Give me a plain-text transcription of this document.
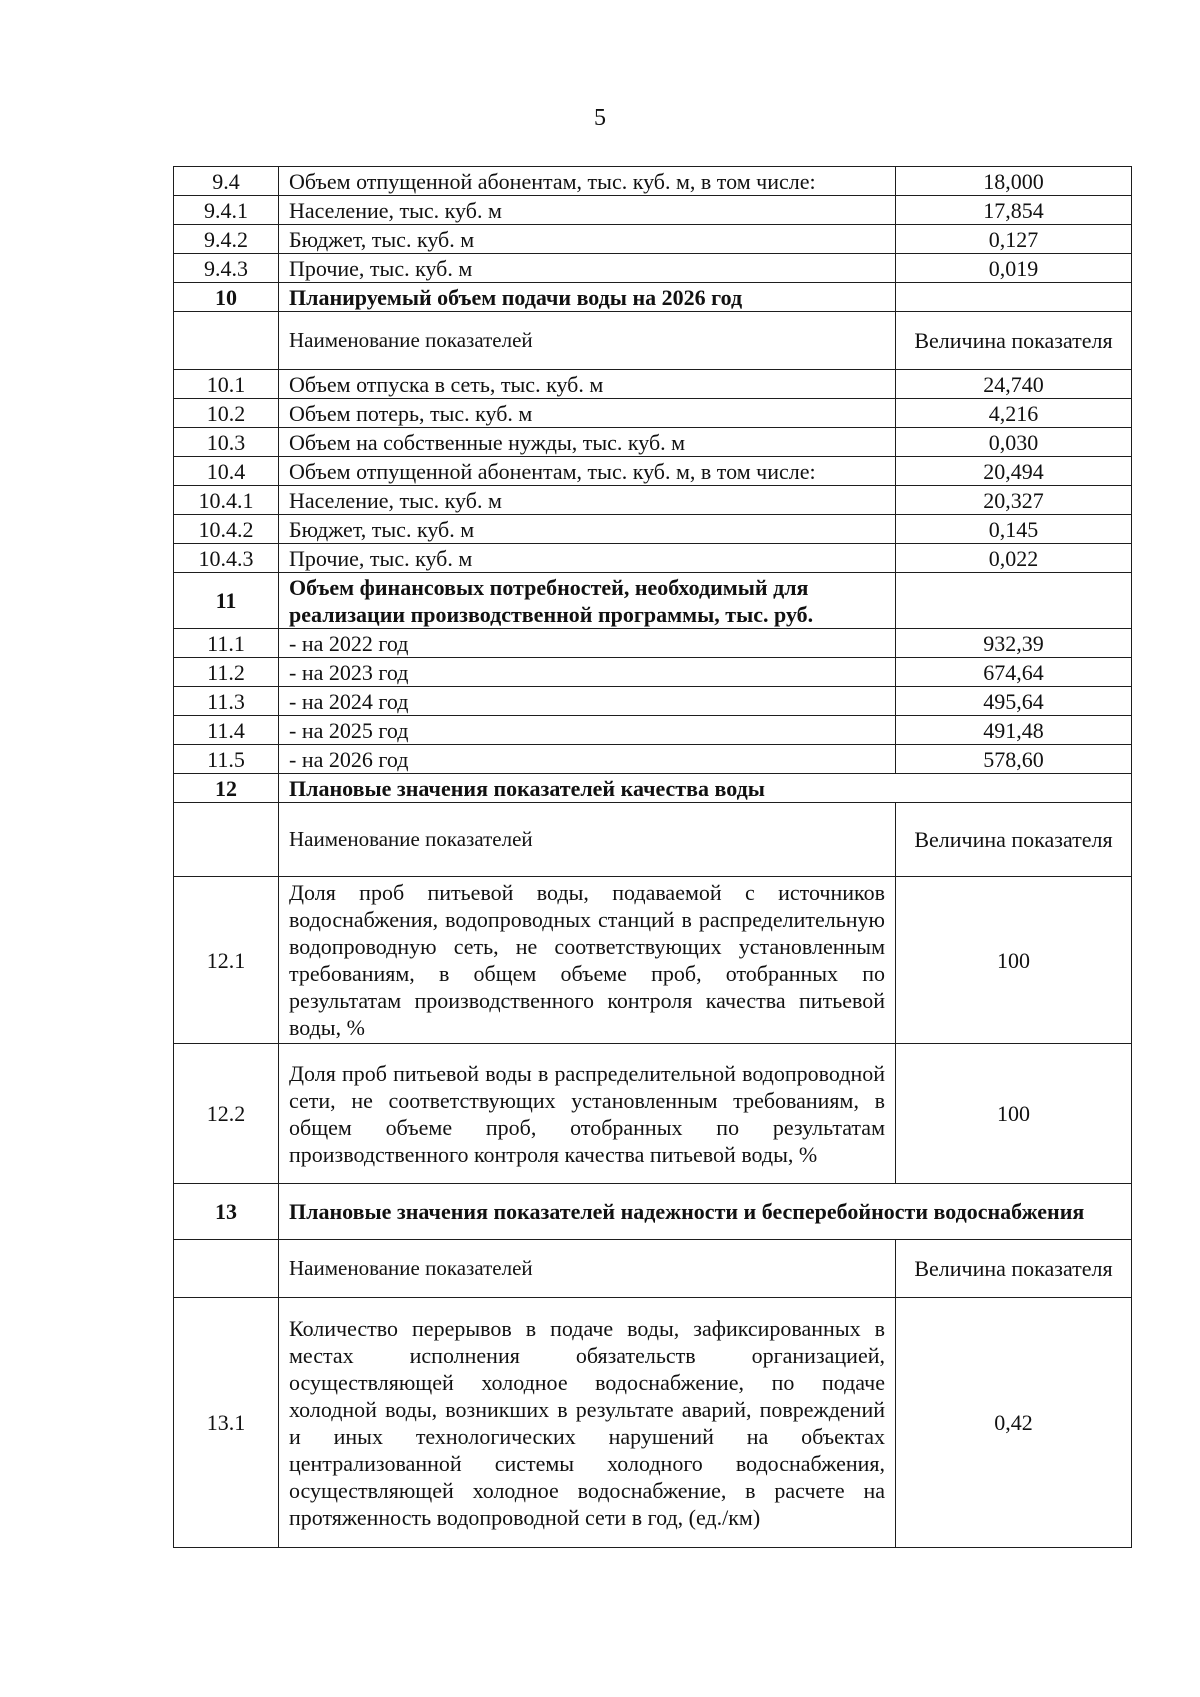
5
9.4	Объем отпущенной абонентам, тыс. куб. м, в том числе:	18,000
9.4.1	Население, тыс. куб. м	17,854
9.4.2	Бюджет, тыс. куб. м	0,127
9.4.3	Прочие, тыс. куб. м	0,019
10	Планируемый объем подачи воды на 2026 год	
	Наименование показателей	Величина показателя
10.1	Объем отпуска в сеть, тыс. куб. м	24,740
10.2	Объем потерь, тыс. куб. м	4,216
10.3	Объем на собственные нужды, тыс. куб. м	0,030
10.4	Объем отпущенной абонентам, тыс. куб. м, в том числе:	20,494
10.4.1	Население, тыс. куб. м	20,327
10.4.2	Бюджет, тыс. куб. м	0,145
10.4.3	Прочие, тыс. куб. м	0,022
11	Объем финансовых потребностей, необходимый для реализации производственной программы, тыс. руб.	
11.1	- на 2022 год	932,39
11.2	- на 2023 год	674,64
11.3	- на 2024 год	495,64
11.4	- на 2025 год	491,48
11.5	- на 2026 год	578,60
12	Плановые значения показателей качества воды	
	Наименование показателей	Величина показателя
12.1	Доля проб питьевой воды, подаваемой с источников водоснабжения, водопроводных станций в распределительную водопроводную сеть, не соответствующих установленным требованиям, в общем объеме проб, отобранных по результатам производственного контроля качества питьевой воды, %	100
12.2	Доля проб питьевой воды в распределительной водопроводной сети, не соответствующих установленным требованиям, в общем объеме проб, отобранных по результатам производственного контроля качества питьевой воды, %	100
13	Плановые значения показателей надежности и бесперебойности водоснабжения	
	Наименование показателей	Величина показателя
13.1	Количество перерывов в подаче воды, зафиксированных в местах исполнения обязательств организацией, осуществляющей холодное водоснабжение, по подаче холодной воды, возникших в результате аварий, повреждений и иных технологических нарушений на объектах централизованной системы холодного водоснабжения, осуществляющей холодное водоснабжение, в расчете на протяженность водопроводной сети в год, (ед./км)	0,42
